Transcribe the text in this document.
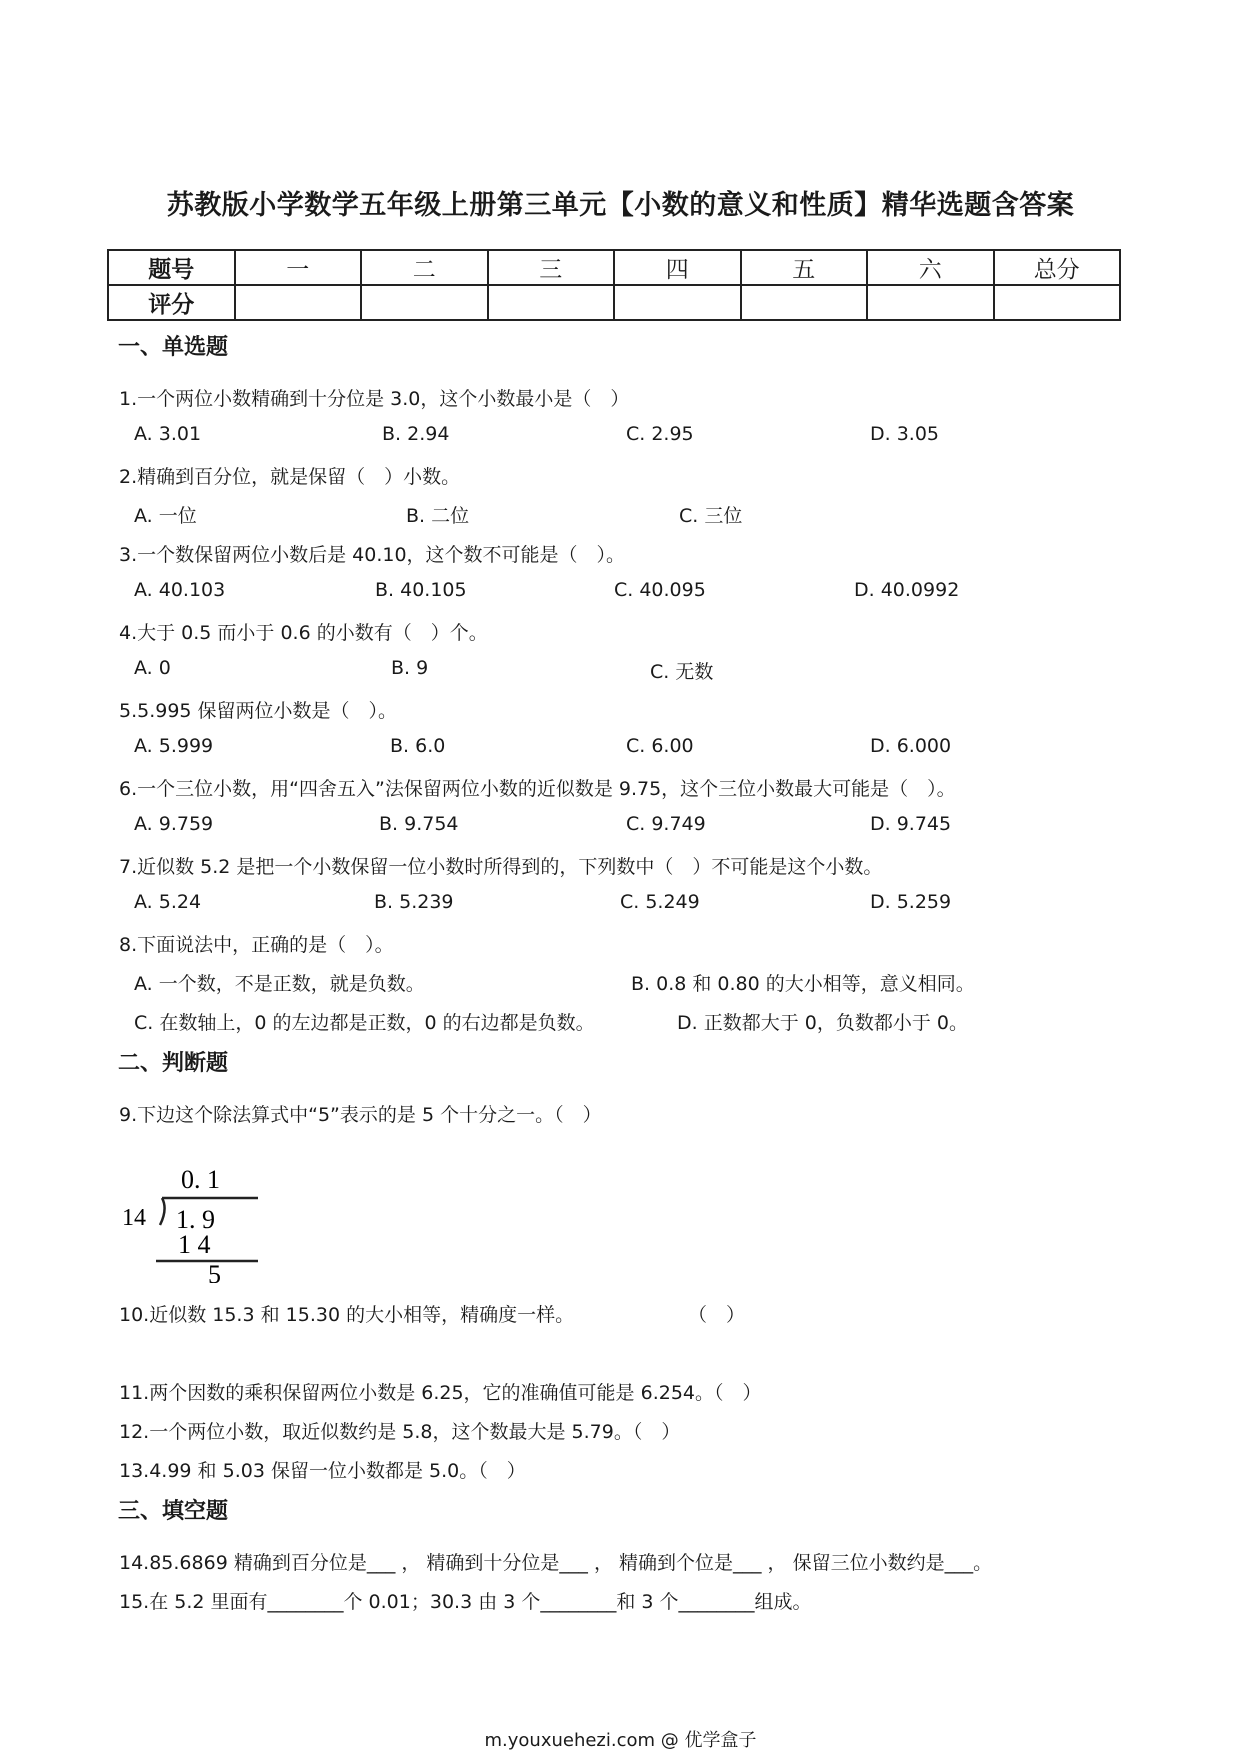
苏教版小学数学五年级上册第三单元【小数的意义和性质】精华选题含答案
题号	一	二	三	四	五	六	总分
评分							
一、单选题
1.一个两位小数精确到十分位是 3.0，这个小数最小是（　）
A. 3.01	B. 2.94	C. 2.95	D. 3.05
2.精确到百分位，就是保留（　）小数。
A. 一位	B. 二位	C. 三位
3.一个数保留两位小数后是 40.10，这个数不可能是（　）。
A. 40.103	B. 40.105	C. 40.095	D. 40.0992
4.大于 0.5 而小于 0.6 的小数有（　）个。
A. 0	B. 9	C. 无数
5.5.995 保留两位小数是（　）。
A. 5.999	B. 6.0	C. 6.00	D. 6.000
6.一个三位小数，用“四舍五入”法保留两位小数的近似数是 9.75，这个三位小数最大可能是（　）。
A. 9.759	B. 9.754	C. 9.749	D. 9.745
7.近似数 5.2 是把一个小数保留一位小数时所得到的，下列数中（　）不可能是这个小数。
A. 5.24	B. 5.239	C. 5.249	D. 5.259
8.下面说法中，正确的是（　）。
A. 一个数，不是正数，就是负数。	B. 0.8 和 0.80 的大小相等，意义相同。
C. 在数轴上，0 的左边都是正数，0 的右边都是负数。	D. 正数都大于 0，负数都小于 0。
二、判断题
9.下边这个除法算式中“5”表示的是 5 个十分之一。（　）
0. 1
14 1. 9
1 4
5
10.近似数 15.3 和 15.30 的大小相等，精确度一样。	（　）
11.两个因数的乘积保留两位小数是 6.25，它的准确值可能是 6.254。（　）
12.一个两位小数，取近似数约是 5.8，这个数最大是 5.79。（　）
13.4.99 和 5.03 保留一位小数都是 5.0。（　）
三、填空题
14.85.6869 精确到百分位是___ ， 精确到十分位是___ ， 精确到个位是___ ， 保留三位小数约是___。
15.在 5.2 里面有________个 0.01；30.3 由 3 个________和 3 个________组成。
m.youxuehezi.com @ 优学盒子
